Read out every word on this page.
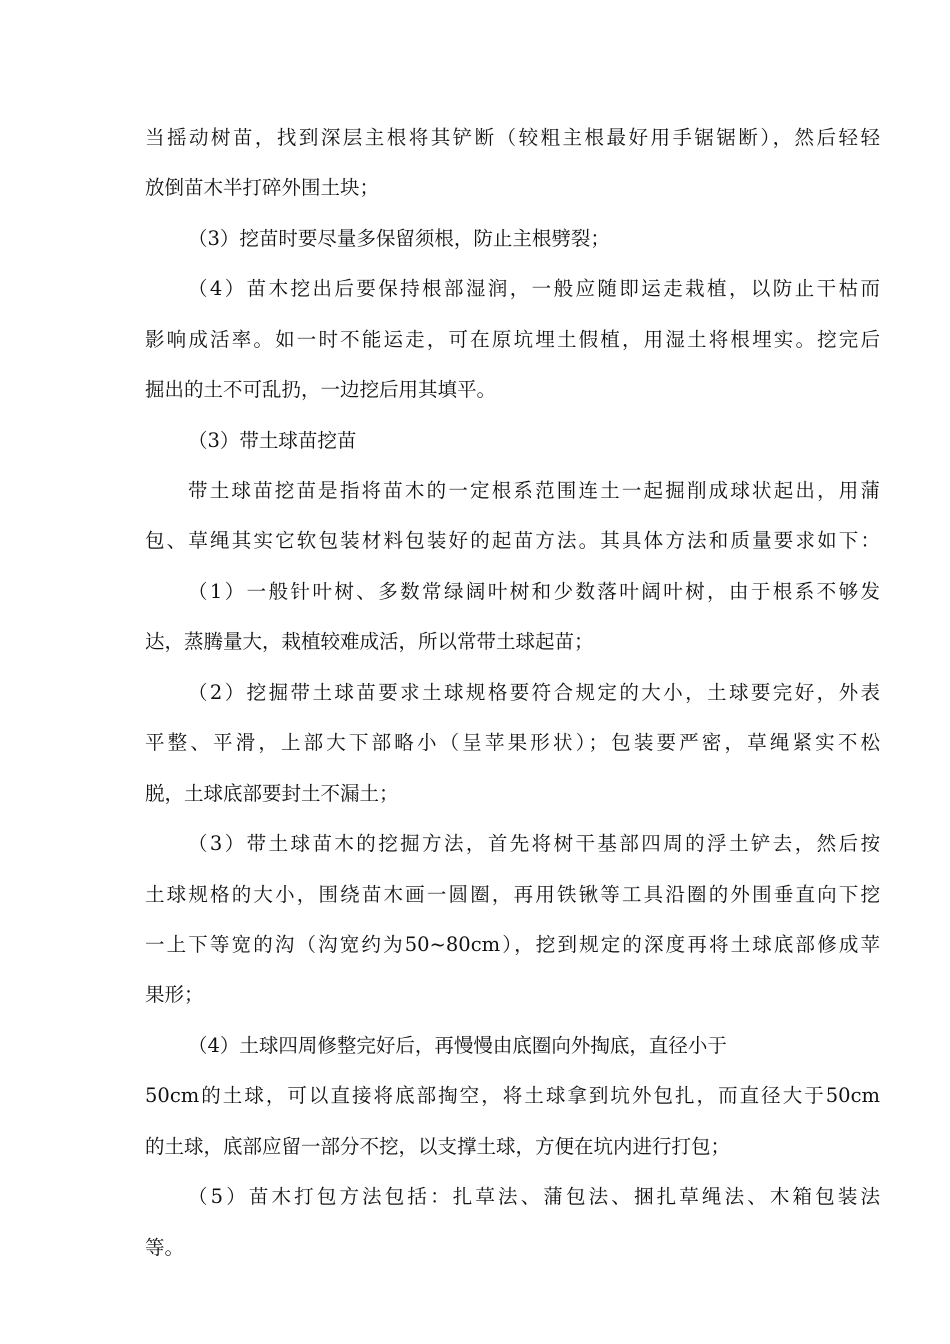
当摇动树苗，找到深层主根将其铲断（较粗主根最好用手锯锯断），然后轻轻
放倒苗木半打碎外围土块；
（3）挖苗时要尽量多保留须根，防止主根劈裂；
（4）苗木挖出后要保持根部湿润，一般应随即运走栽植，以防止干枯而
影响成活率。如一时不能运走，可在原坑埋土假植，用湿土将根埋实。挖完后
掘出的土不可乱扔，一边挖后用其填平。
（3）带土球苗挖苗
带土球苗挖苗是指将苗木的一定根系范围连土一起掘削成球状起出，用蒲
包、草绳其实它软包装材料包装好的起苗方法。其具体方法和质量要求如下：
（1）一般针叶树、多数常绿阔叶树和少数落叶阔叶树，由于根系不够发
达，蒸腾量大，栽植较难成活，所以常带土球起苗；
（2）挖掘带土球苗要求土球规格要符合规定的大小，土球要完好，外表
平整、平滑，上部大下部略小（呈苹果形状）；包装要严密，草绳紧实不松
脱，土球底部要封土不漏土；
（3）带土球苗木的挖掘方法，首先将树干基部四周的浮土铲去，然后按
土球规格的大小，围绕苗木画一圆圈，再用铁锹等工具沿圈的外围垂直向下挖
一上下等宽的沟（沟宽约为50~80cm），挖到规定的深度再将土球底部修成苹
果形；
（4）土球四周修整完好后，再慢慢由底圈向外掏底，直径小于
50cm的土球，可以直接将底部掏空，将土球拿到坑外包扎，而直径大于50cm
的土球，底部应留一部分不挖，以支撑土球，方便在坑内进行打包；
（5）苗木打包方法包括：扎草法、蒲包法、捆扎草绳法、木箱包装法
等。
